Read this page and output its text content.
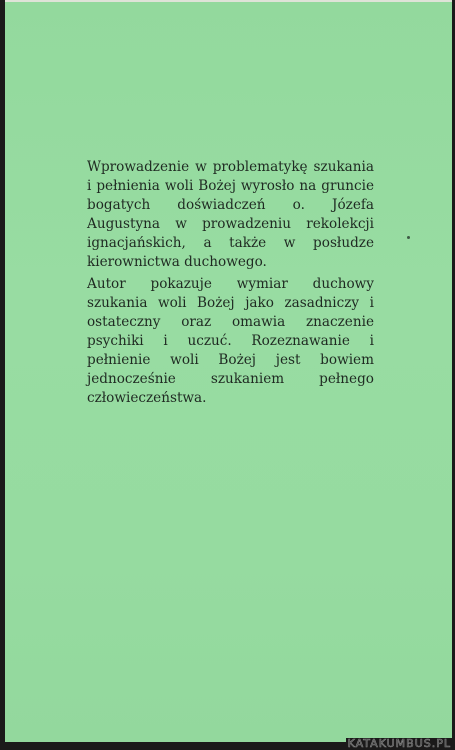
Wprowadzenie w problematykę szukania i pełnienia woli Bożej wyrosło na gruncie bogatych doświadczeń o. Józefa Augustyna w prowadzeniu rekolekcji ignacjańskich, a także w posłudze kierownictwa duchowego.

Autor pokazuje wymiar duchowy szukania woli Bożej jako zasadniczy i ostateczny oraz omawia znaczenie psychiki i uczuć. Rozeznawanie i pełnienie woli Bożej jest bowiem jednocześnie szukaniem pełnego człowieczeństwa.

KATAKUMBUS.PL
